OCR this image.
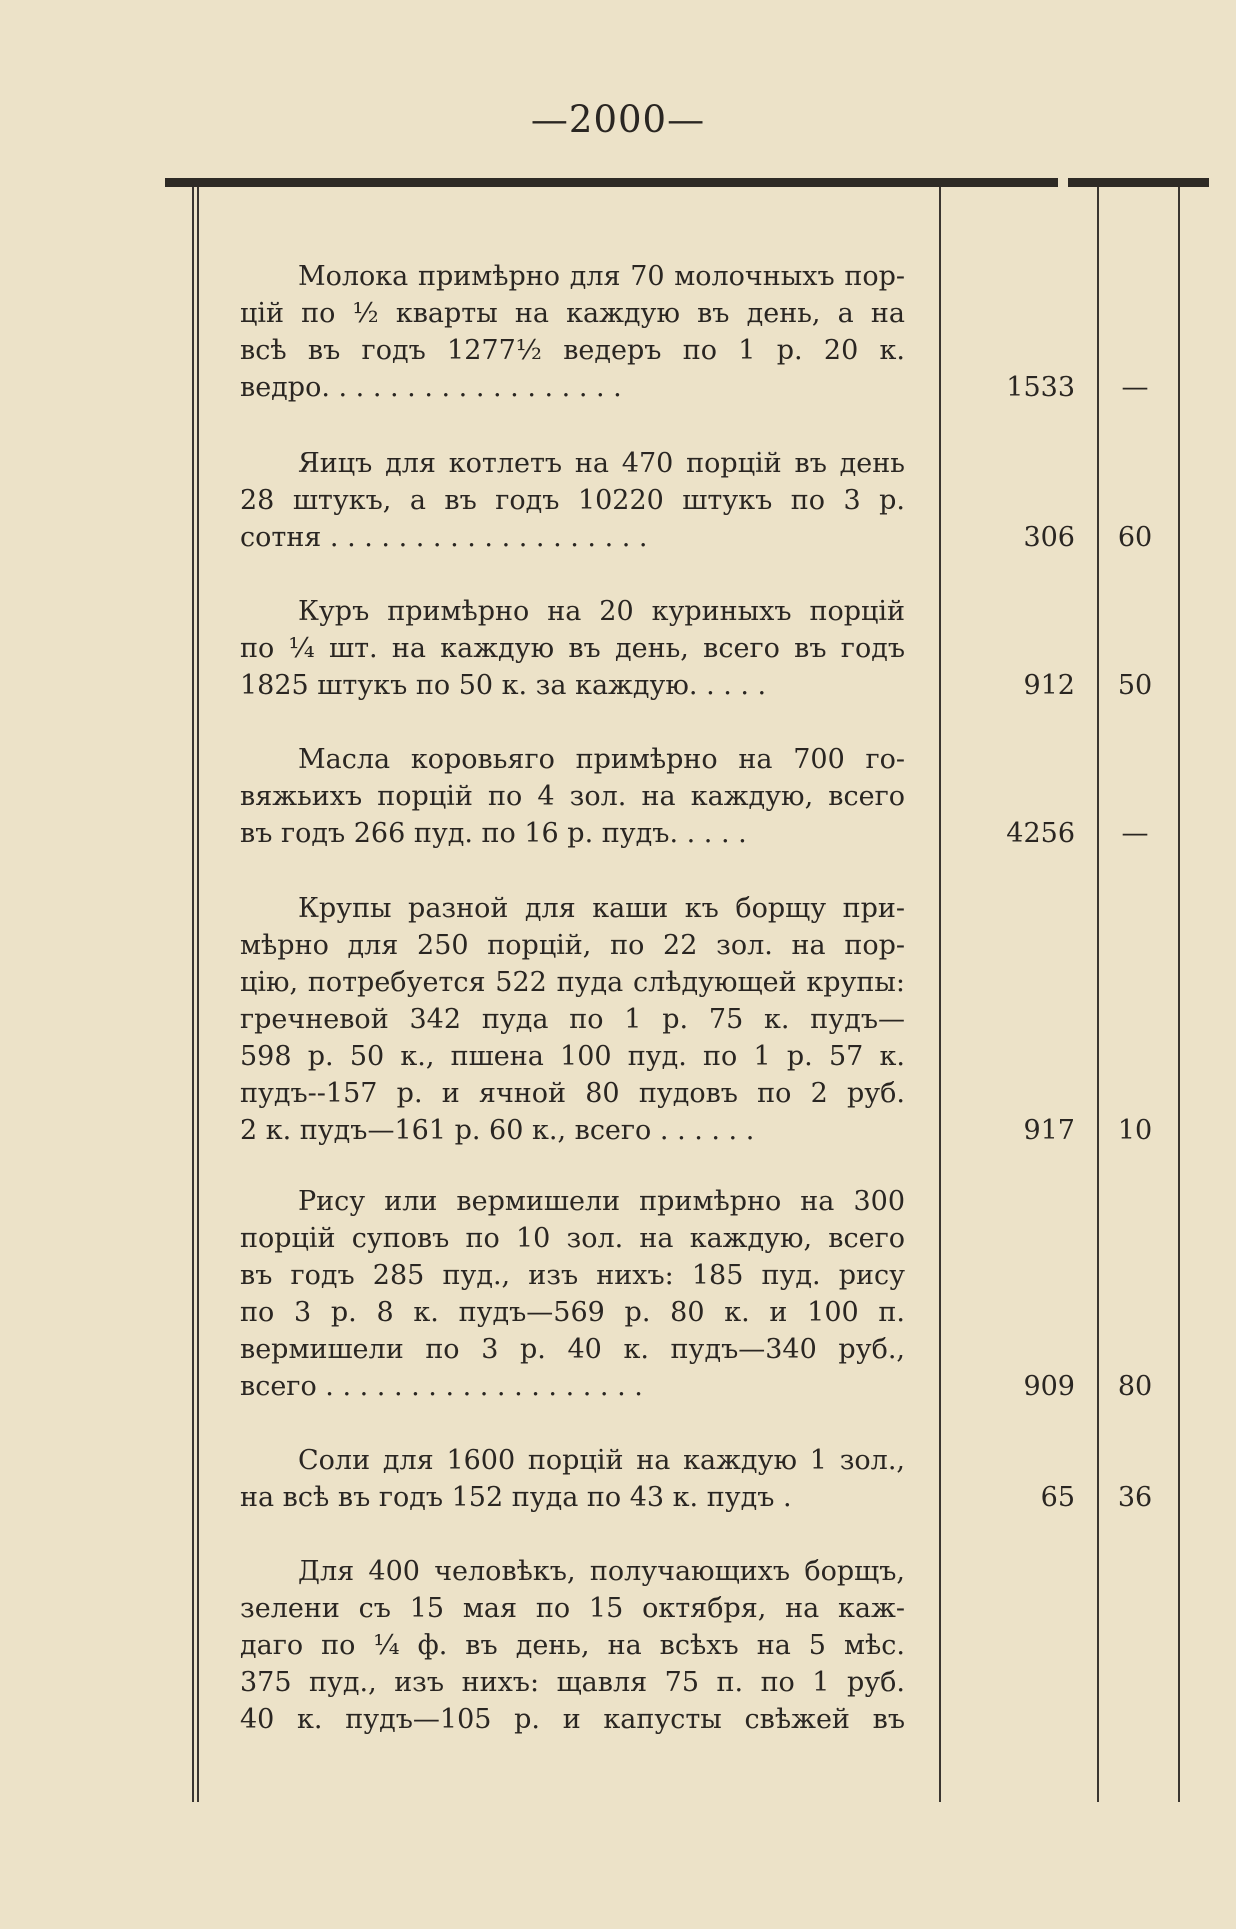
—2000—
Молока примѣрно для 70 молочныхъ пор-
цій по ½ кварты на каждую въ день, а на
всѣ въ годъ 1277½ ведеръ по 1 р. 20 к.
ведро. . . . . . . . . . . . . . . . . .	1533	—
Яицъ для котлетъ на 470 порцій въ день
28 штукъ, а въ годъ 10220 штукъ по 3 р.
сотня . . . . . . . . . . . . . . . . . . .	306	60
Куръ примѣрно на 20 куриныхъ порцій
по ¼ шт. на каждую въ день, всего въ годъ
1825 штукъ по 50 к. за каждую. . . . .	912	50
Масла коровьяго примѣрно на 700 го-
вяжьихъ порцій по 4 зол. на каждую, всего
въ годъ 266 пуд. по 16 р. пудъ. . . . .	4256	—
Крупы разной для каши къ борщу при-
мѣрно для 250 порцій, по 22 зол. на пор-
цію, потребуется 522 пуда слѣдующей крупы:
гречневой 342 пуда по 1 р. 75 к. пудъ—
598 р. 50 к., пшена 100 пуд. по 1 р. 57 к.
пудъ--157 р. и ячной 80 пудовъ по 2 руб.
2 к. пудъ—161 р. 60 к., всего . . . . . .	917	10
Рису или вермишели примѣрно на 300
порцій суповъ по 10 зол. на каждую, всего
въ годъ 285 пуд., изъ нихъ: 185 пуд. рису
по 3 р. 8 к. пудъ—569 р. 80 к. и 100 п.
вермишели по 3 р. 40 к. пудъ—340 руб.,
всего . . . . . . . . . . . . . . . . . . .	909	80
Соли для 1600 порцій на каждую 1 зол.,
на всѣ въ годъ 152 пуда по 43 к. пудъ .	65	36
Для 400 человѣкъ, получающихъ борщъ,
зелени съ 15 мая по 15 октября, на каж-
даго по ¼ ф. въ день, на всѣхъ на 5 мѣс.
375 пуд., изъ нихъ: щавля 75 п. по 1 руб.
40 к. пудъ—105 р. и капусты свѣжей въ
